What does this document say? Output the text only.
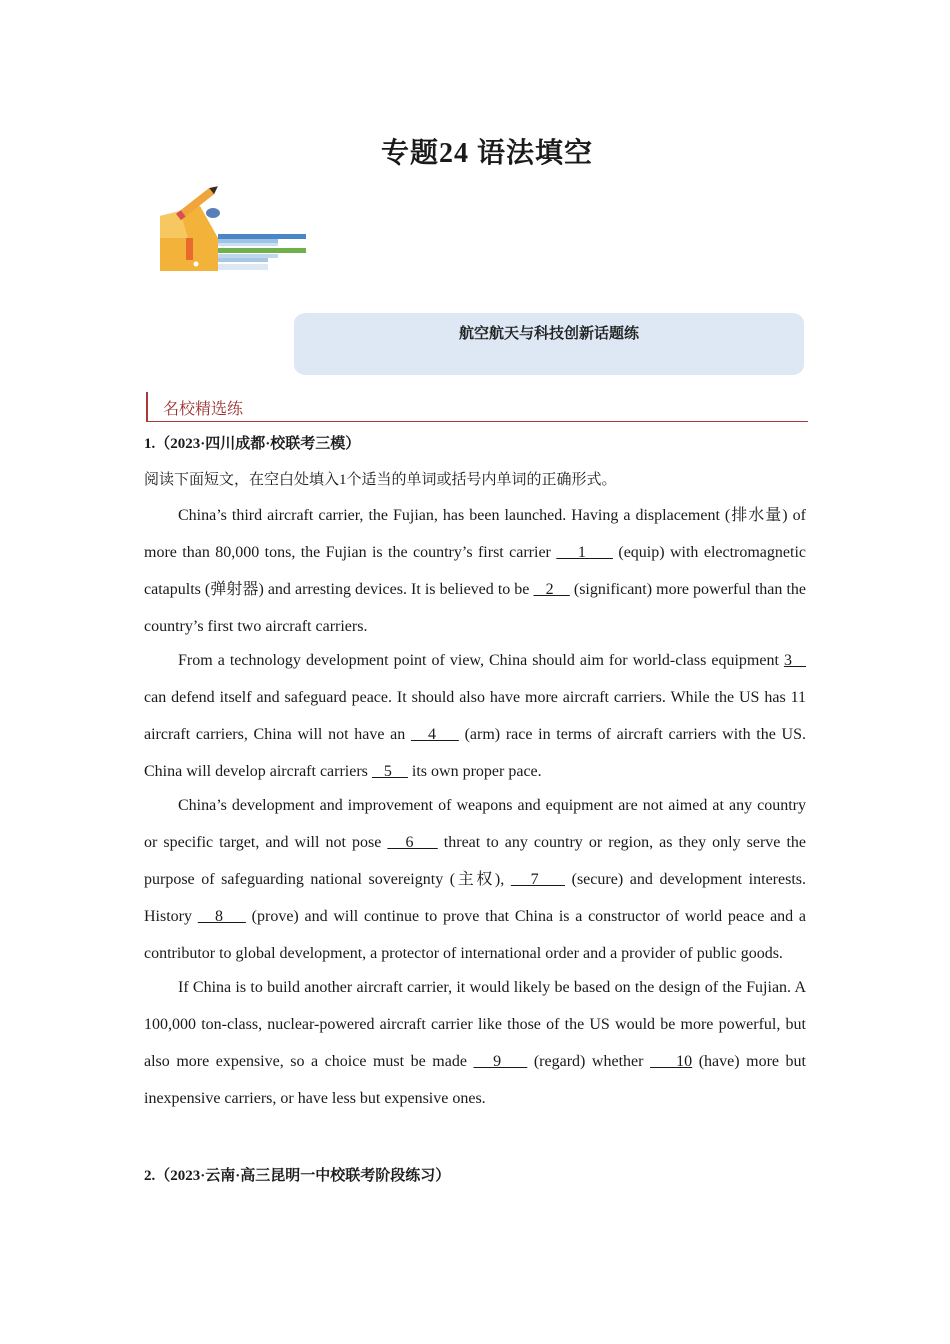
专题24 语法填空
航空航天与科技创新话题练
名校精选练
1.（2023·四川成都·校联考三模）
阅读下面短文，在空白处填入1个适当的单词或括号内单词的正确形式。

China’s third aircraft carrier, the Fujian, has been launched. Having a displacement (排水量) of more than 80,000 tons, the Fujian is the country’s first carrier     1      (equip) with electromagnetic catapults (弹射器) and arresting devices. It is believed to be    2     (significant) more powerful than the country’s first two aircraft carriers.

From a technology development point of view, China should aim for world-class equipment 3    can defend itself and safeguard peace. It should also have more aircraft carriers. While the US has 11 aircraft carriers, China will not have an    4     (arm) race in terms of aircraft carriers with the US. China will develop aircraft carriers    5     its own proper pace.

China’s development and improvement of weapons and equipment are not aimed at any country or specific target, and will not pose    6     threat to any country or region, as they only serve the purpose of safeguarding national sovereignty (主权),    7     (secure) and development interests. History    8     (prove) and will continue to prove that China is a constructor of world peace and a contributor to global development, a protector of international order and a provider of public goods.

If China is to build another aircraft carrier, it would likely be based on the design of the Fujian. A 100,000 ton-class, nuclear-powered aircraft carrier like those of the US would be more powerful, but also more expensive, so a choice must be made    9     (regard) whether     10 (have) more but inexpensive carriers, or have less but expensive ones.

2.（2023·云南·高三昆明一中校联考阶段练习）
